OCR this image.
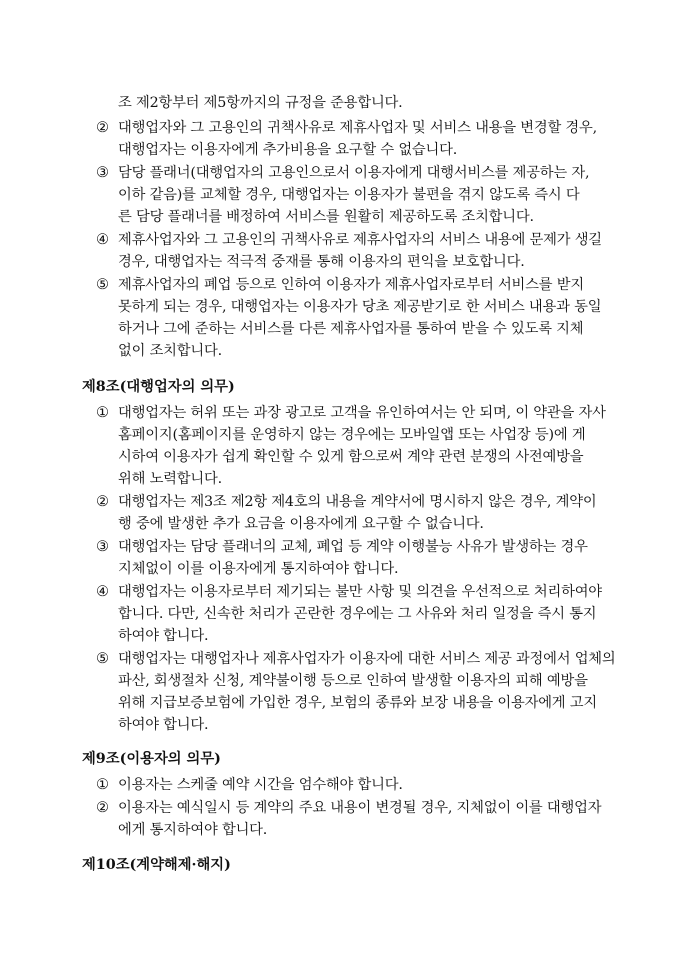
조 제2항부터 제5항까지의 규정을 준용합니다.
② 대행업자와 그 고용인의 귀책사유로 제휴사업자 및 서비스 내용을 변경할 경우,
대행업자는 이용자에게 추가비용을 요구할 수 없습니다.
③ 담당 플래너(대행업자의 고용인으로서 이용자에게 대행서비스를 제공하는 자,
이하 같음)를 교체할 경우, 대행업자는 이용자가 불편을 겪지 않도록 즉시 다
른 담당 플래너를 배정하여 서비스를 원활히 제공하도록 조치합니다.
④ 제휴사업자와 그 고용인의 귀책사유로 제휴사업자의 서비스 내용에 문제가 생길
경우, 대행업자는 적극적 중재를 통해 이용자의 편익을 보호합니다.
⑤ 제휴사업자의 폐업 등으로 인하여 이용자가 제휴사업자로부터 서비스를 받지
못하게 되는 경우, 대행업자는 이용자가 당초 제공받기로 한 서비스 내용과 동일
하거나 그에 준하는 서비스를 다른 제휴사업자를 통하여 받을 수 있도록 지체
없이 조치합니다.
제8조(대행업자의 의무)
① 대행업자는 허위 또는 과장 광고로 고객을 유인하여서는 안 되며, 이 약관을 자사
홈페이지(홈페이지를 운영하지 않는 경우에는 모바일앱 또는 사업장 등)에 게
시하여 이용자가 쉽게 확인할 수 있게 함으로써 계약 관련 분쟁의 사전예방을
위해 노력합니다.
② 대행업자는 제3조 제2항 제4호의 내용을 계약서에 명시하지 않은 경우, 계약이
행 중에 발생한 추가 요금을 이용자에게 요구할 수 없습니다.
③ 대행업자는 담당 플래너의 교체, 폐업 등 계약 이행불능 사유가 발생하는 경우
지체없이 이를 이용자에게 통지하여야 합니다.
④ 대행업자는 이용자로부터 제기되는 불만 사항 및 의견을 우선적으로 처리하여야
합니다. 다만, 신속한 처리가 곤란한 경우에는 그 사유와 처리 일정을 즉시 통지
하여야 합니다.
⑤ 대행업자는 대행업자나 제휴사업자가 이용자에 대한 서비스 제공 과정에서 업체의
파산, 회생절차 신청, 계약불이행 등으로 인하여 발생할 이용자의 피해 예방을
위해 지급보증보험에 가입한 경우, 보험의 종류와 보장 내용을 이용자에게 고지
하여야 합니다.
제9조(이용자의 의무)
① 이용자는 스케줄 예약 시간을 엄수해야 합니다.
② 이용자는 예식일시 등 계약의 주요 내용이 변경될 경우, 지체없이 이를 대행업자
에게 통지하여야 합니다.
제10조(계약해제·해지)
